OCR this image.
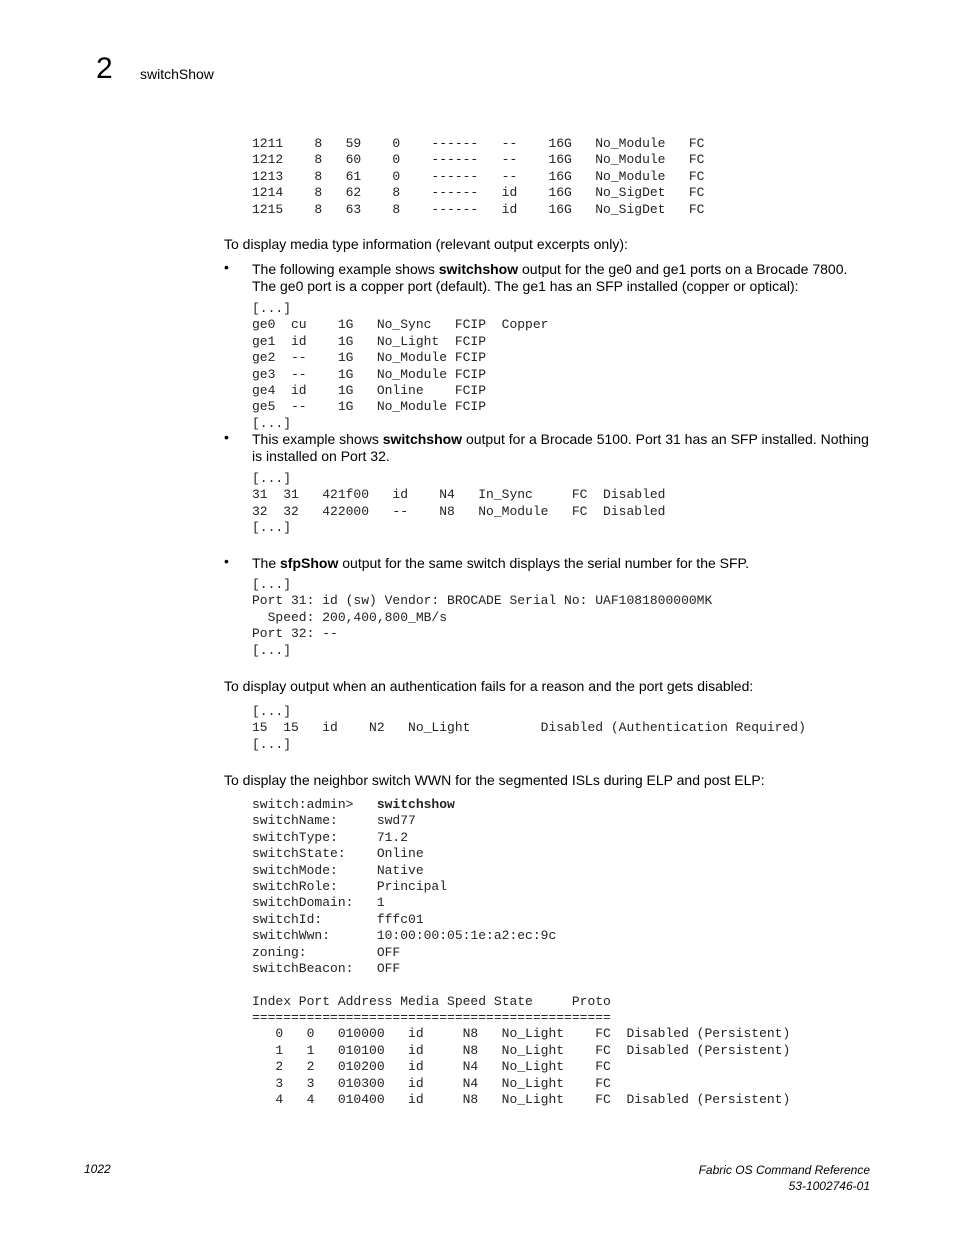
2 switchShow
1211    8   59    0    ------   --    16G   No_Module   FC
1212    8   60    0    ------   --    16G   No_Module   FC
1213    8   61    0    ------   --    16G   No_Module   FC
1214    8   62    8    ------   id    16G   No_SigDet   FC
1215    8   63    8    ------   id    16G   No_SigDet   FC
To display media type information (relevant output excerpts only):
• The following example shows switchshow output for the ge0 and ge1 ports on a Brocade 7800. The ge0 port is a copper port (default). The ge1 has an SFP installed (copper or optical):
[...]
ge0  cu    1G   No_Sync   FCIP  Copper
ge1  id    1G   No_Light  FCIP
ge2  --    1G   No_Module FCIP
ge3  --    1G   No_Module FCIP
ge4  id    1G   Online    FCIP
ge5  --    1G   No_Module FCIP
[...]
• This example shows switchshow output for a Brocade 5100. Port 31 has an SFP installed. Nothing is installed on Port 32.
[...]
31  31   421f00   id    N4   In_Sync     FC  Disabled
32  32   422000   --    N8   No_Module   FC  Disabled
[...]
• The sfpShow output for the same switch displays the serial number for the SFP.
[...]
Port 31: id (sw) Vendor: BROCADE Serial No: UAF1081800000MK
Speed: 200,400,800_MB/s
Port 32: --
[...]
To display output when an authentication fails for a reason and the port gets disabled:
[...]
15  15   id    N2   No_Light         Disabled (Authentication Required)
[...]
To display the neighbor switch WWN for the segmented ISLs during ELP and post ELP:
switch:admin>   switchshow
switchName:     swd77
switchType:     71.2
switchState:    Online
switchMode:     Native
switchRole:     Principal
switchDomain:   1
switchId:       fffc01
switchWwn:      10:00:00:05:1e:a2:ec:9c
zoning:         OFF
switchBeacon:   OFF
Index Port Address Media Speed State     Proto
==============================================
0   0   010000   id     N8   No_Light    FC  Disabled (Persistent)
1   1   010100   id     N8   No_Light    FC  Disabled (Persistent)
2   2   010200   id     N4   No_Light    FC
3   3   010300   id     N4   No_Light    FC
4   4   010400   id     N8   No_Light    FC  Disabled (Persistent)
1022	Fabric OS Command Reference
53-1002746-01
